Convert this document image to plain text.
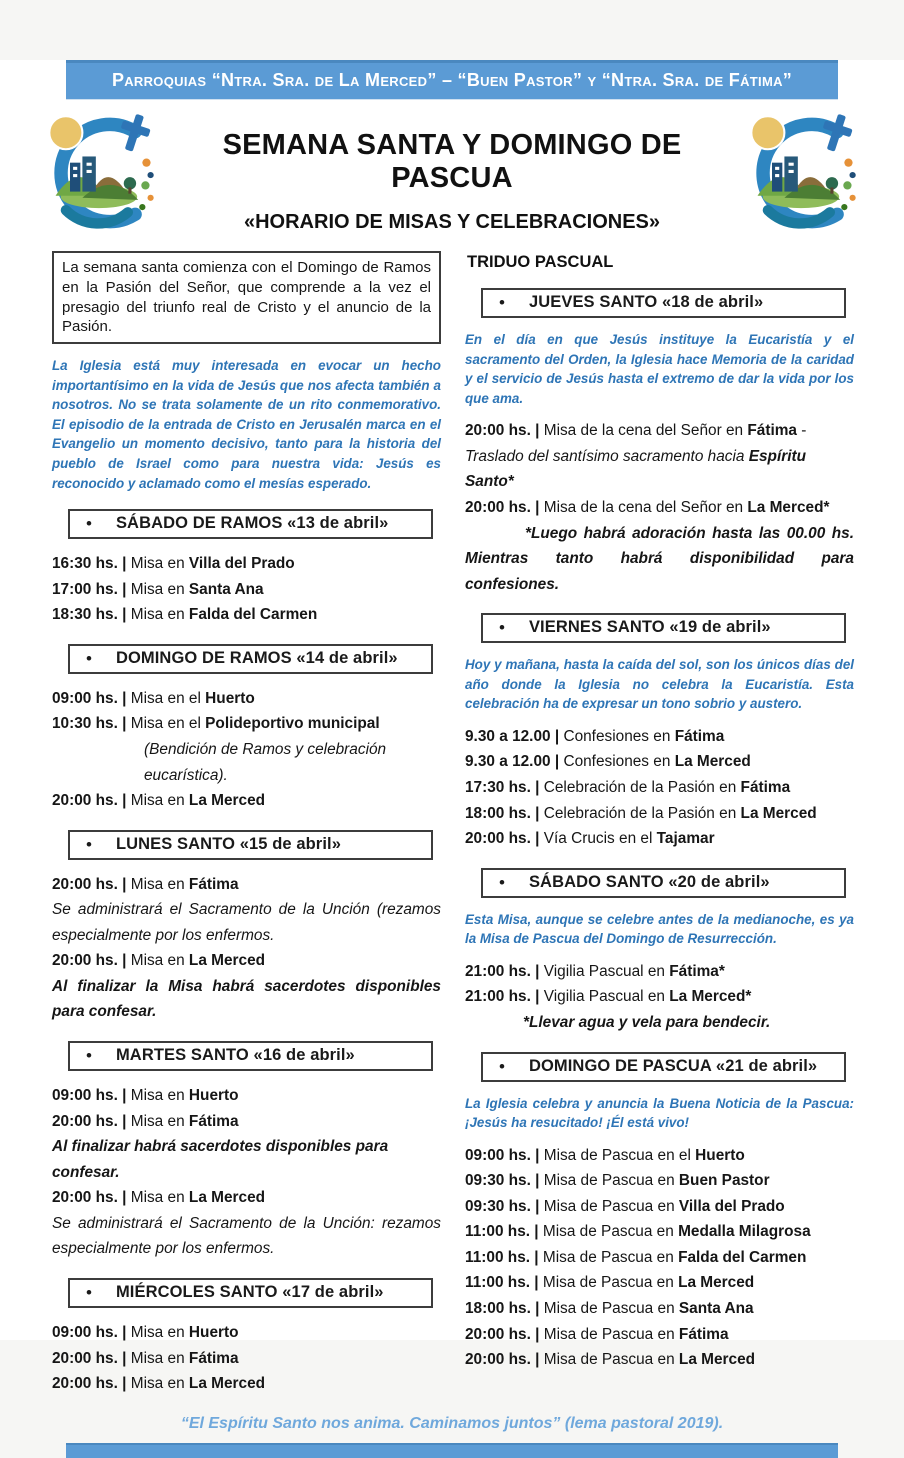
Parroquias “Ntra. Sra. de La Merced” – “Buen Pastor” y “Ntra. Sra. de Fátima”
SEMANA SANTA Y DOMINGO DE PASCUA
«HORARIO DE MISAS Y CELEBRACIONES»
La semana santa comienza con el Domingo de Ramos en la Pasión del Señor, que comprende a la vez el presagio del triunfo real de Cristo y el anuncio de la Pasión.

La Iglesia está muy interesada en evocar un hecho importantísimo en la vida de Jesús que nos afecta también a nosotros. No se trata solamente de un rito conmemorativo. El episodio de la entrada de Cristo en Jerusalén marca en el Evangelio un momento decisivo, tanto para la historia del pueblo de Israel como para nuestra vida: Jesús es reconocido y aclamado como el mesías esperado.

• SÁBADO DE RAMOS «13 de abril»

16:30 hs. | Misa en Villa del Prado

17:00 hs. | Misa en Santa Ana

18:30 hs. | Misa en Falda del Carmen

• DOMINGO DE RAMOS «14 de abril»

09:00 hs. | Misa en el Huerto

10:30 hs. | Misa en el Polideportivo municipal

(Bendición de Ramos y celebración eucarística).

20:00 hs. | Misa en La Merced

• LUNES SANTO «15 de abril»

20:00 hs. | Misa en Fátima

Se administrará el Sacramento de la Unción (rezamos especialmente por los enfermos.

20:00 hs. | Misa en La Merced

Al finalizar la Misa habrá sacerdotes disponibles para confesar.

• MARTES SANTO «16 de abril»

09:00 hs. | Misa en Huerto

20:00 hs. | Misa en Fátima

Al finalizar habrá sacerdotes disponibles para confesar.

20:00 hs. | Misa en La Merced

Se administrará el Sacramento de la Unción: rezamos especialmente por los enfermos.

• MIÉRCOLES SANTO «17 de abril»

09:00 hs. | Misa en Huerto

20:00 hs. | Misa en Fátima

20:00 hs. | Misa en La Merced

TRIDUO PASCUAL
• JUEVES SANTO «18 de abril»

En el día en que Jesús instituye la Eucaristía y el sacramento del Orden, la Iglesia hace Memoria de la caridad y el servicio de Jesús hasta el extremo de dar la vida por los que ama.

20:00 hs. | Misa de la cena del Señor en Fátima - Traslado del santísimo sacramento hacia Espíritu Santo*

20:00 hs. | Misa de la cena del Señor en La Merced*

*Luego habrá adoración hasta las 00.00 hs. Mientras tanto habrá disponibilidad para confesiones.

• VIERNES SANTO «19 de abril»

Hoy y mañana, hasta la caída del sol, son los únicos días del año donde la Iglesia no celebra la Eucaristía. Esta celebración ha de expresar un tono sobrio y austero.

9.30 a 12.00 | Confesiones en Fátima

9.30 a 12.00 | Confesiones en La Merced

17:30 hs. | Celebración de la Pasión en Fátima

18:00 hs. | Celebración de la Pasión en La Merced

20:00 hs. | Vía Crucis en el Tajamar

• SÁBADO SANTO «20 de abril»

Esta Misa, aunque se celebre antes de la medianoche, es ya la Misa de Pascua del Domingo de Resurrección.

21:00 hs. | Vigilia Pascual en Fátima*

21:00 hs. | Vigilia Pascual en La Merced*

*Llevar agua y vela para bendecir.

• DOMINGO DE PASCUA «21 de abril»

La Iglesia celebra y anuncia la Buena Noticia de la Pascua: ¡Jesús ha resucitado! ¡Él está vivo!

09:00 hs. | Misa de Pascua en el Huerto

09:30 hs. | Misa de Pascua en Buen Pastor

09:30 hs. | Misa de Pascua en Villa del Prado

11:00 hs. | Misa de Pascua en Medalla Milagrosa

11:00 hs. | Misa de Pascua en Falda del Carmen

11:00 hs. | Misa de Pascua en La Merced

18:00 hs. | Misa de Pascua en Santa Ana

20:00 hs. | Misa de Pascua en Fátima

20:00 hs. | Misa de Pascua en La Merced

“El Espíritu Santo nos anima. Caminamos juntos” (lema pastoral 2019).
